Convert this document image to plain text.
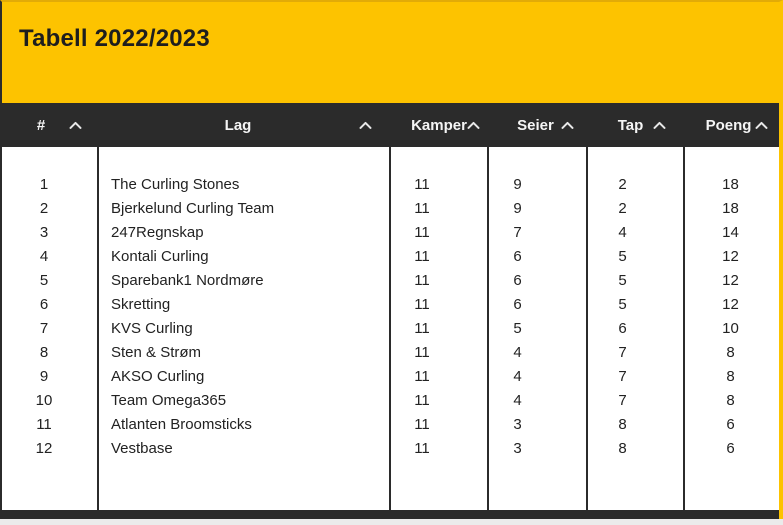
Tabell 2022/2023
#	Lag	Kamper	Seier	Tap	Poeng
1	The Curling Stones	11	9	2	18
2	Bjerkelund Curling Team	11	9	2	18
3	247Regnskap	11	7	4	14
4	Kontali Curling	11	6	5	12
5	Sparebank1 Nordmøre	11	6	5	12
6	Skretting	11	6	5	12
7	KVS Curling	11	5	6	10
8	Sten & Strøm	11	4	7	8
9	AKSO Curling	11	4	7	8
10	Team Omega365	11	4	7	8
11	Atlanten Broomsticks	11	3	8	6
12	Vestbase	11	3	8	6
